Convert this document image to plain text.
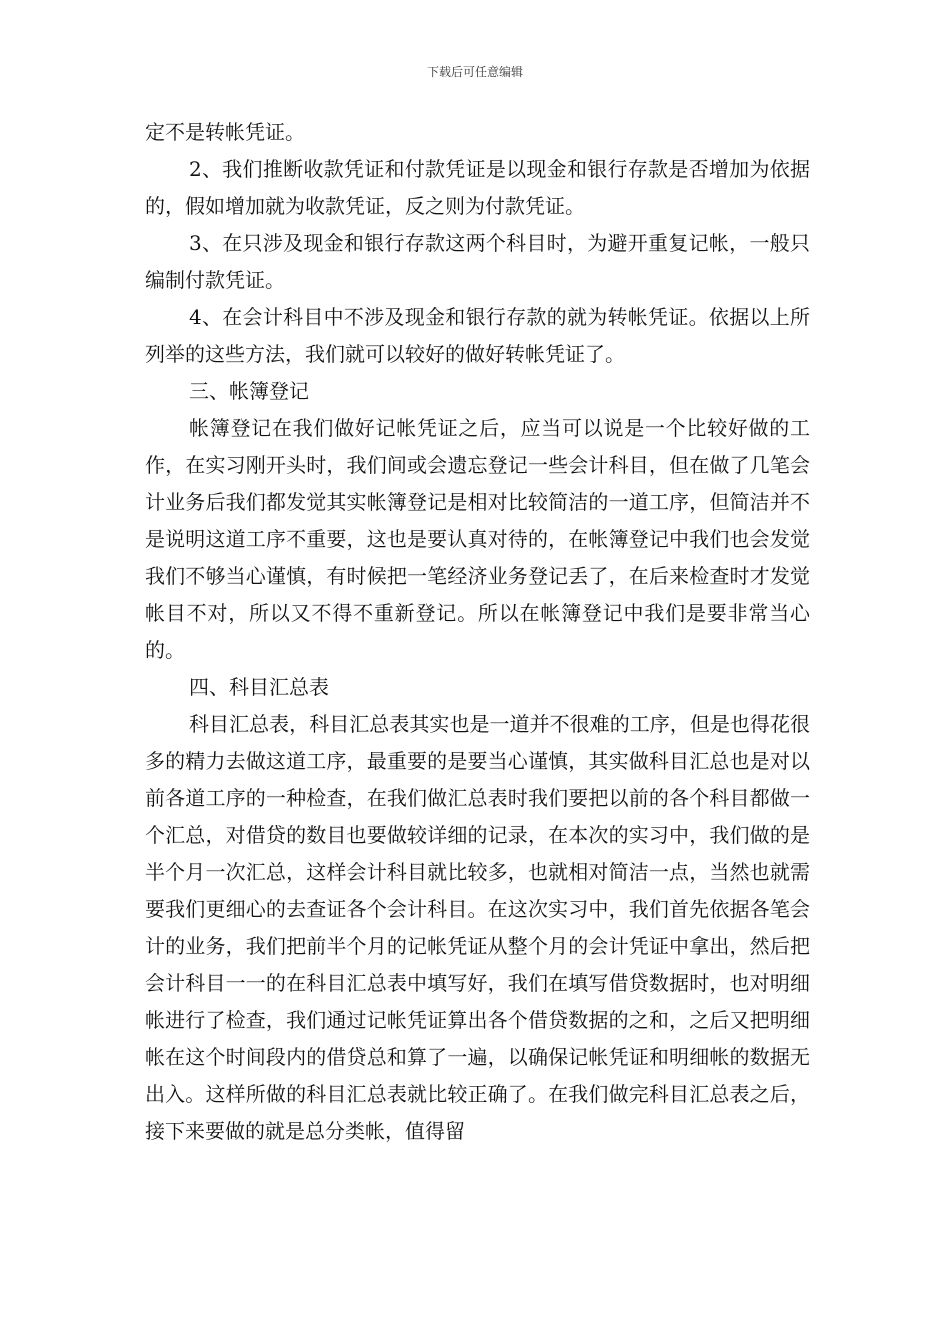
下载后可任意编辑

定不是转帐凭证。

2、我们推断收款凭证和付款凭证是以现金和银行存款是否增加为依据的，假如增加就为收款凭证，反之则为付款凭证。

3、在只涉及现金和银行存款这两个科目时，为避开重复记帐，一般只编制付款凭证。

4、在会计科目中不涉及现金和银行存款的就为转帐凭证。依据以上所列举的这些方法，我们就可以较好的做好转帐凭证了。

三、帐簿登记

帐簿登记在我们做好记帐凭证之后，应当可以说是一个比较好做的工作，在实习刚开头时，我们间或会遗忘登记一些会计科目，但在做了几笔会计业务后我们都发觉其实帐簿登记是相对比较简洁的一道工序，但简洁并不是说明这道工序不重要，这也是要认真对待的，在帐簿登记中我们也会发觉我们不够当心谨慎，有时候把一笔经济业务登记丢了，在后来检查时才发觉帐目不对，所以又不得不重新登记。所以在帐簿登记中我们是要非常当心的。

四、科目汇总表

科目汇总表，科目汇总表其实也是一道并不很难的工序，但是也得花很多的精力去做这道工序，最重要的是要当心谨慎，其实做科目汇总也是对以前各道工序的一种检查，在我们做汇总表时我们要把以前的各个科目都做一个汇总，对借贷的数目也要做较详细的记录，在本次的实习中，我们做的是半个月一次汇总，这样会计科目就比较多，也就相对简洁一点，当然也就需要我们更细心的去查证各个会计科目。在这次实习中，我们首先依据各笔会计的业务，我们把前半个月的记帐凭证从整个月的会计凭证中拿出，然后把会计科目一一的在科目汇总表中填写好，我们在填写借贷数据时，也对明细帐进行了检查，我们通过记帐凭证算出各个借贷数据的之和，之后又把明细帐在这个时间段内的借贷总和算了一遍，以确保记帐凭证和明细帐的数据无出入。这样所做的科目汇总表就比较正确了。在我们做完科目汇总表之后，接下来要做的就是总分类帐，值得留
